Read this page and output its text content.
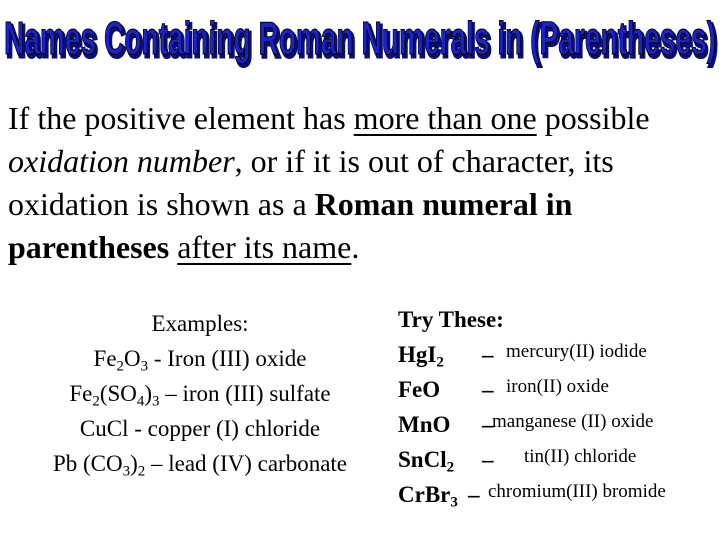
Names Containing Roman Numerals in (Parentheses)
Names Containing Roman Numerals in (Parentheses)
If the positive element has more than one possible oxidation number, or if it is out of character, its oxidation is shown as a Roman numeral in parentheses after its name.
Examples:
$Fe_2O_3$ - Iron (III) oxide
$Fe_2(SO_4)_3$ – iron (III) sulfate
CuCl - copper (I) chloride
Pb $(CO_3)_2$ – lead (IV) carbonate
Try These:
HgI$_2$ – mercury(II) iodide
FeO – iron(II) oxide
MnO –
manganese (II) oxide
SnCl$_2$ – tin(II) chloride
CrBr$_3$ – chromium(III) bromide
